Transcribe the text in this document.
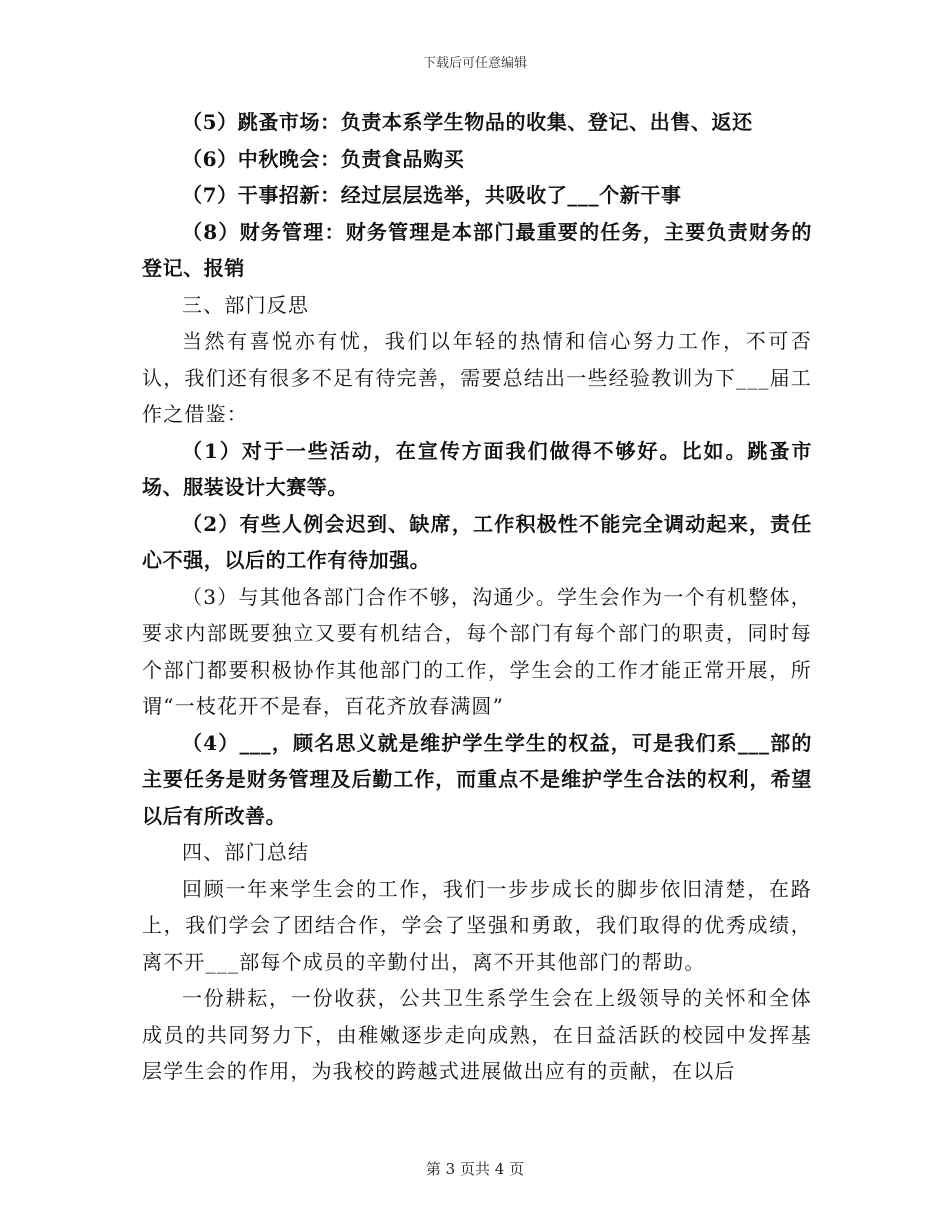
下载后可任意编辑

（5）跳蚤市场：负责本系学生物品的收集、登记、出售、返还

（6）中秋晚会：负责食品购买

（7）干事招新：经过层层选举，共吸收了___个新干事

（8）财务管理：财务管理是本部门最重要的任务，主要负责财务的登记、报销

三、部门反思

当然有喜悦亦有忧，我们以年轻的热情和信心努力工作，不可否认，我们还有很多不足有待完善，需要总结出一些经验教训为下___届工作之借鉴：

（1）对于一些活动，在宣传方面我们做得不够好。比如。跳蚤市场、服装设计大赛等。

（2）有些人例会迟到、缺席，工作积极性不能完全调动起来，责任心不强，以后的工作有待加强。

（3）与其他各部门合作不够，沟通少。学生会作为一个有机整体，要求内部既要独立又要有机结合，每个部门有每个部门的职责，同时每个部门都要积极协作其他部门的工作，学生会的工作才能正常开展，所谓“一枝花开不是春，百花齐放春满圆”

（4）___，顾名思义就是维护学生学生的权益，可是我们系___部的主要任务是财务管理及后勤工作，而重点不是维护学生合法的权利，希望以后有所改善。

四、部门总结

回顾一年来学生会的工作，我们一步步成长的脚步依旧清楚，在路上，我们学会了团结合作，学会了坚强和勇敢，我们取得的优秀成绩，离不开___部每个成员的辛勤付出，离不开其他部门的帮助。

一份耕耘，一份收获，公共卫生系学生会在上级领导的关怀和全体成员的共同努力下，由稚嫩逐步走向成熟，在日益活跃的校园中发挥基层学生会的作用，为我校的跨越式进展做出应有的贡献，在以后

第 3 页共 4 页
